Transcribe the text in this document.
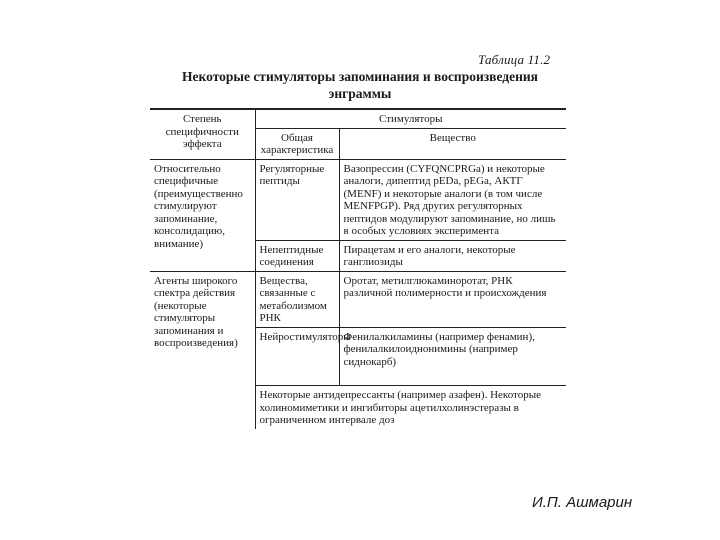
Таблица 11.2
Некоторые стимуляторы запоминания и воспроизведения энграммы
Степень специфичности эффекта	Стимуляторы	
	Общая характеристика	Вещество
Относительно специфичные (преимущественно стимулируют запоминание, консолидацию, внимание)	Регуляторные пептиды	Вазопрессин (CYFQNCPRGa) и некоторые аналоги, дипептид pEDa, pEGa, АКТГ (MENF) и некоторые аналоги (в том числе MENFPGP). Ряд других регуляторных пептидов модулируют запоминание, но лишь в особых условиях эксперимента
	Непептидные соединения	Пирацетам и его аналоги, некоторые ганглиозиды
Агенты широкого спектра действия (некоторые стимуляторы запоминания и воспроизведения)	Вещества, связанные с метаболизмом РНК	Оротат, метилглюкаминоротат, РНК различной полимерности и происхождения
	Нейростимуляторы	Фенилалкиламины (например фенамин), фенилалкилоиднонимины (например сиднокарб)

	Некоторые антидепрессанты (например азафен). Некоторые холиномиметики и ингибиторы ацетилхолинэстеразы в ограниченном интервале доз	
И.П. Ашмарин
